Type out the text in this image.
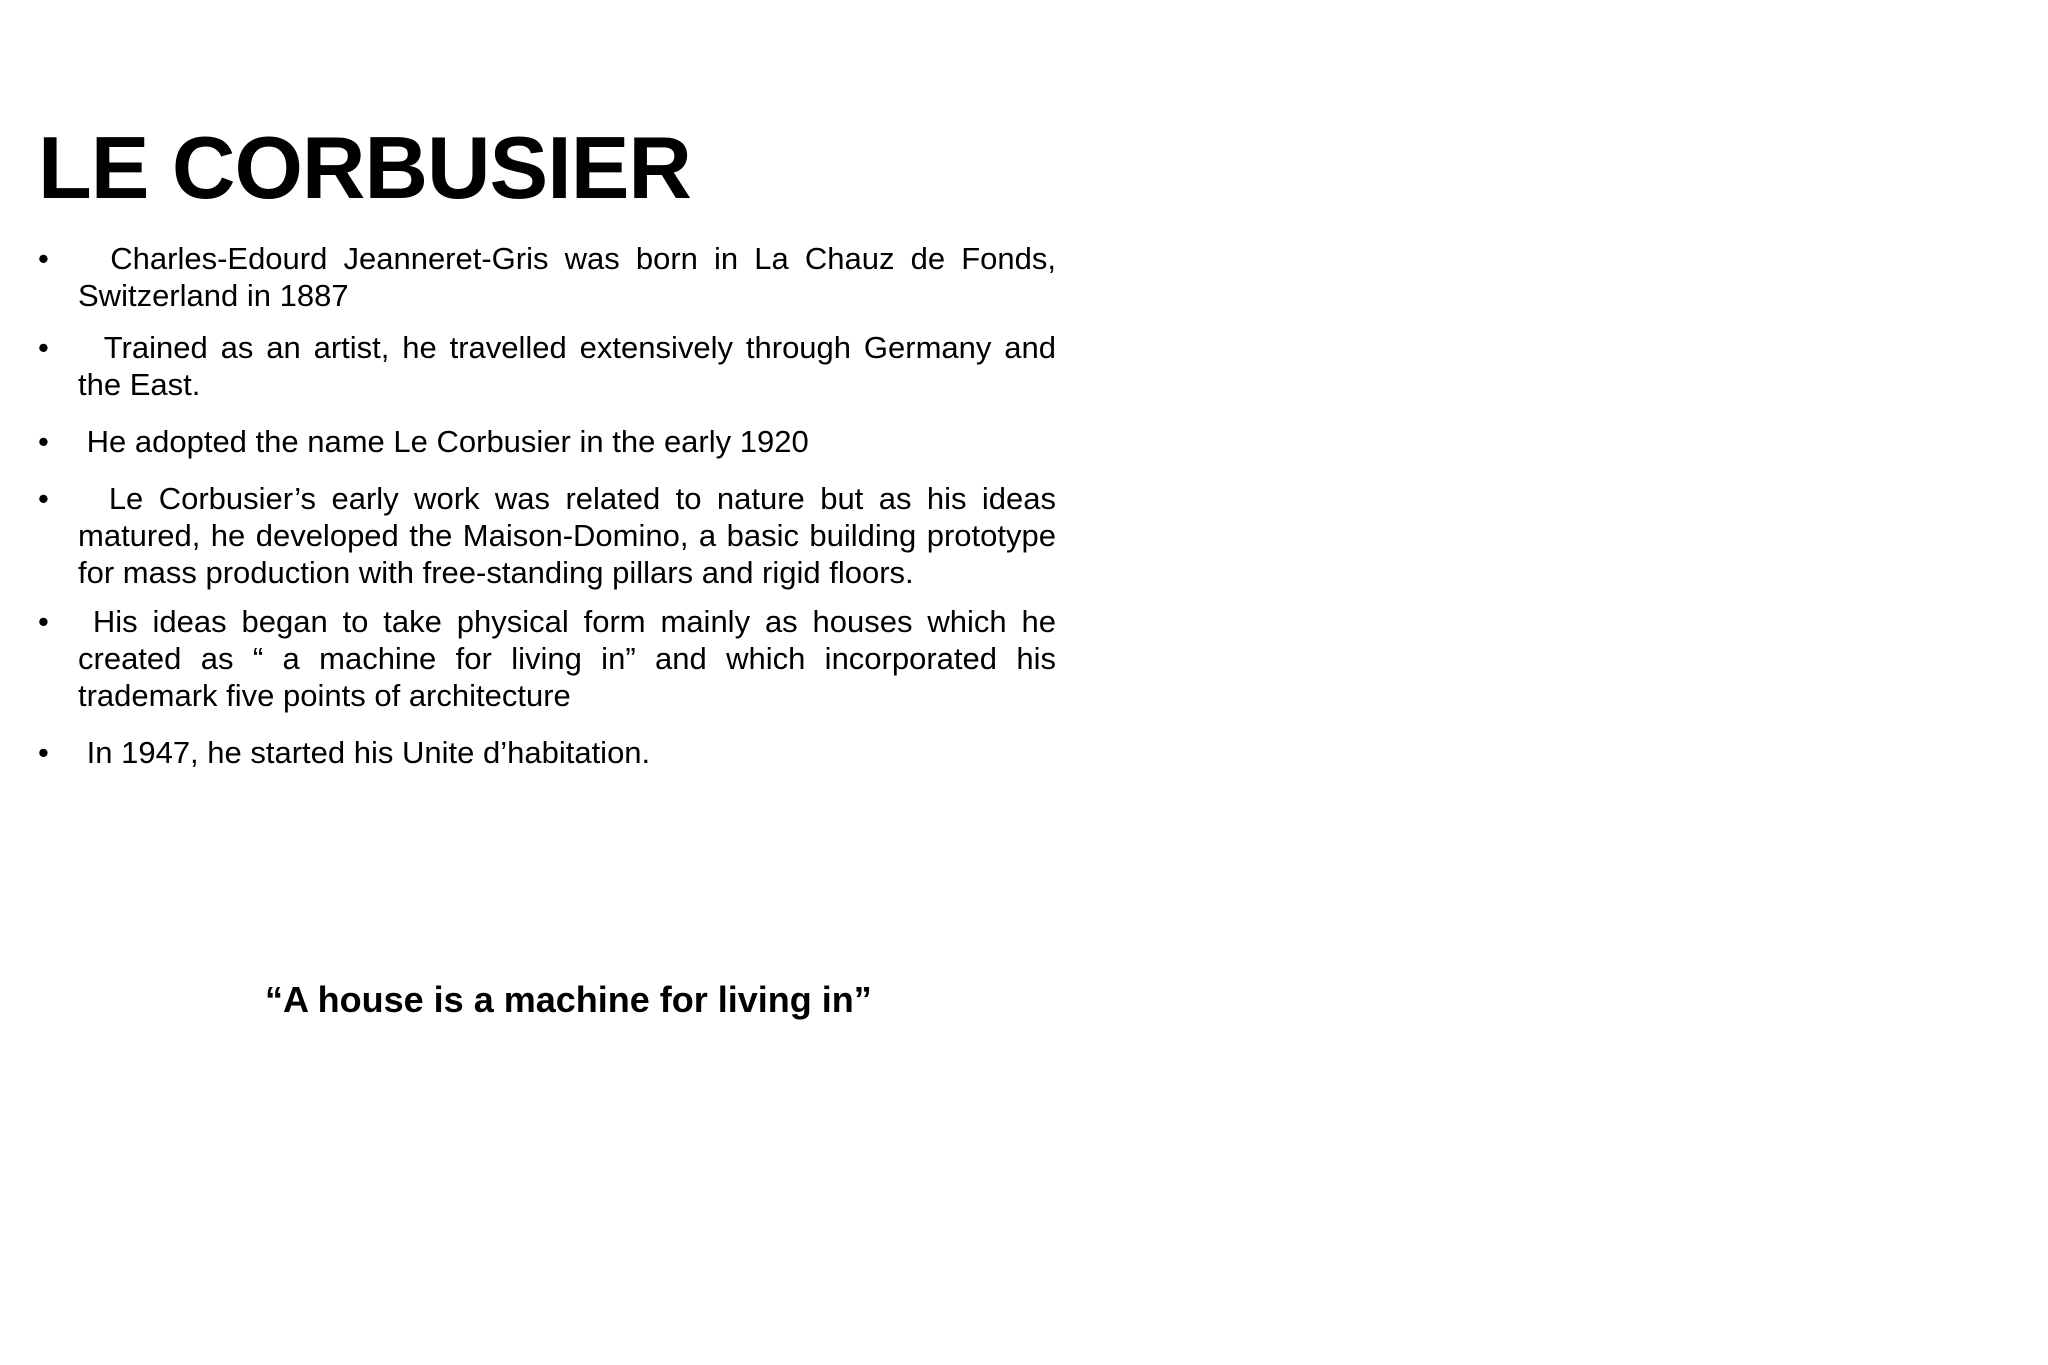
LE CORBUSIER
• Charles-Edourd Jeanneret-Gris was born in La Chauz de Fonds, Switzerland in 1887
• Trained as an artist, he travelled extensively through Germany and the East.
• He adopted the name Le Corbusier in the early 1920
• Le Corbusier’s early work was related to nature but as his ideas matured, he developed the Maison-Domino, a basic building prototype for mass production with free-standing pillars and rigid floors.
• His ideas began to take physical form mainly as houses which he created as “ a machine for living in” and which incorporated his trademark five points of architecture
• In 1947, he started his Unite d’habitation.

“A house is a machine for living in”
